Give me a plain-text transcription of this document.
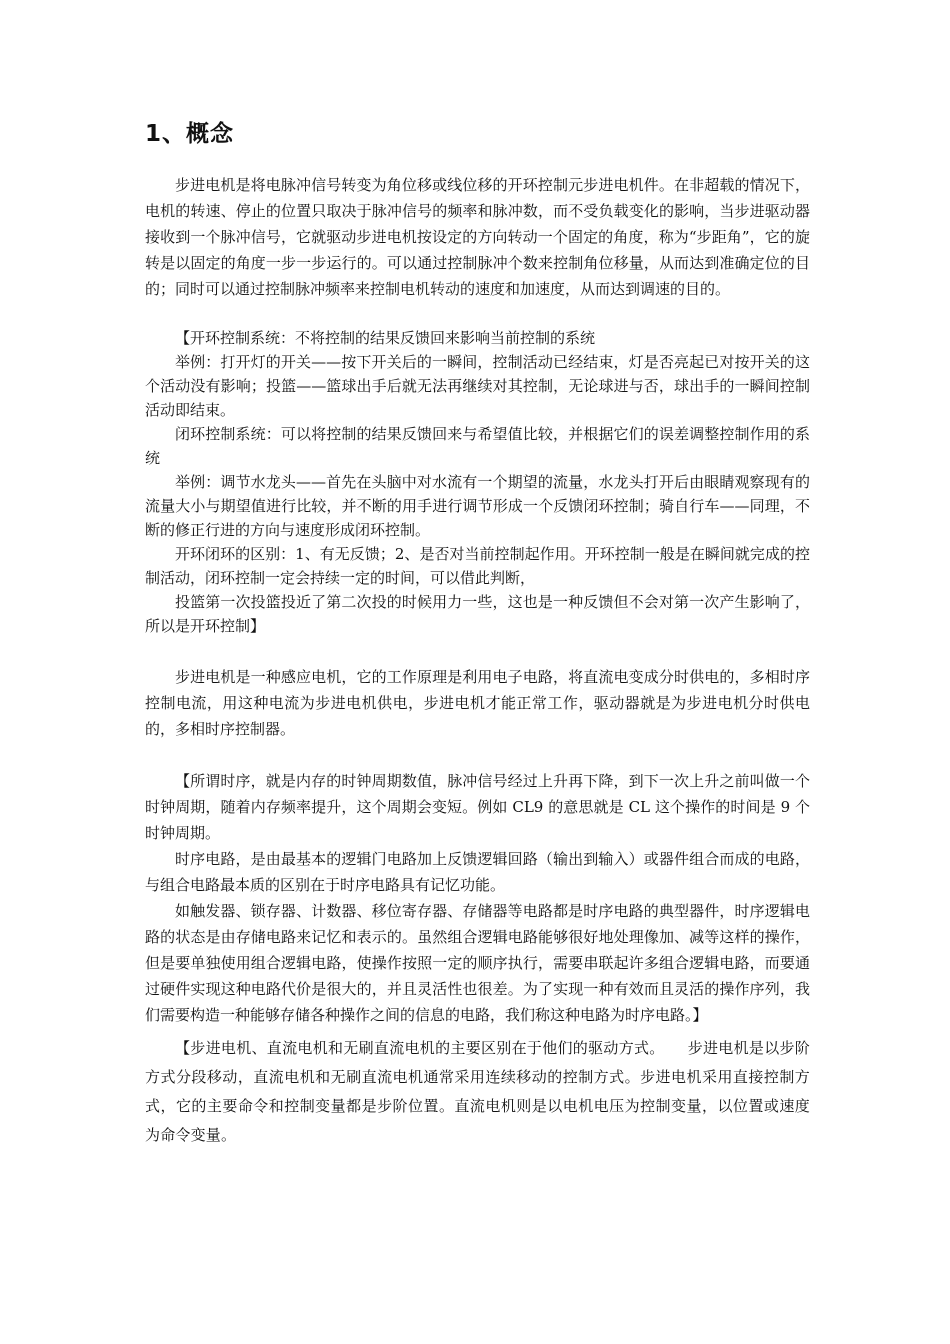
1、概念

步进电机是将电脉冲信号转变为角位移或线位移的开环控制元步进电机件。在非超载的情况下，电机的转速、停止的位置只取决于脉冲信号的频率和脉冲数，而不受负载变化的影响，当步进驱动器接收到一个脉冲信号，它就驱动步进电机按设定的方向转动一个固定的角度，称为“步距角”，它的旋转是以固定的角度一步一步运行的。可以通过控制脉冲个数来控制角位移量，从而达到准确定位的目的；同时可以通过控制脉冲频率来控制电机转动的速度和加速度，从而达到调速的目的。

【开环控制系统：不将控制的结果反馈回来影响当前控制的系统

举例：打开灯的开关——按下开关后的一瞬间，控制活动已经结束，灯是否亮起已对按开关的这个活动没有影响；投篮——篮球出手后就无法再继续对其控制，无论球进与否，球出手的一瞬间控制活动即结束。

闭环控制系统：可以将控制的结果反馈回来与希望值比较，并根据它们的误差调整控制作用的系统

举例：调节水龙头——首先在头脑中对水流有一个期望的流量，水龙头打开后由眼睛观察现有的流量大小与期望值进行比较，并不断的用手进行调节形成一个反馈闭环控制；骑自行车——同理，不断的修正行进的方向与速度形成闭环控制。

开环闭环的区别：1、有无反馈；2、是否对当前控制起作用。开环控制一般是在瞬间就完成的控制活动，闭环控制一定会持续一定的时间，可以借此判断，

投篮第一次投篮投近了第二次投的时候用力一些，这也是一种反馈但不会对第一次产生影响了，所以是开环控制】

步进电机是一种感应电机，它的工作原理是利用电子电路，将直流电变成分时供电的，多相时序控制电流，用这种电流为步进电机供电，步进电机才能正常工作，驱动器就是为步进电机分时供电的，多相时序控制器。

【所谓时序，就是内存的时钟周期数值，脉冲信号经过上升再下降，到下一次上升之前叫做一个时钟周期，随着内存频率提升，这个周期会变短。例如 CL9 的意思就是 CL 这个操作的时间是 9 个时钟周期。

时序电路，是由最基本的逻辑门电路加上反馈逻辑回路（输出到输入）或器件组合而成的电路，与组合电路最本质的区别在于时序电路具有记忆功能。

如触发器、锁存器、计数器、移位寄存器、存储器等电路都是时序电路的典型器件，时序逻辑电路的状态是由存储电路来记忆和表示的。虽然组合逻辑电路能够很好地处理像加、减等这样的操作，但是要单独使用组合逻辑电路，使操作按照一定的顺序执行，需要串联起许多组合逻辑电路，而要通过硬件实现这种电路代价是很大的，并且灵活性也很差。为了实现一种有效而且灵活的操作序列，我们需要构造一种能够存储各种操作之间的信息的电路，我们称这种电路为时序电路。】

【步进电机、直流电机和无刷直流电机的主要区别在于他们的驱动方式。　　步进电机是以步阶方式分段移动，直流电机和无刷直流电机通常采用连续移动的控制方式。步进电机采用直接控制方式，它的主要命令和控制变量都是步阶位置。直流电机则是以电机电压为控制变量，以位置或速度为命令变量。
